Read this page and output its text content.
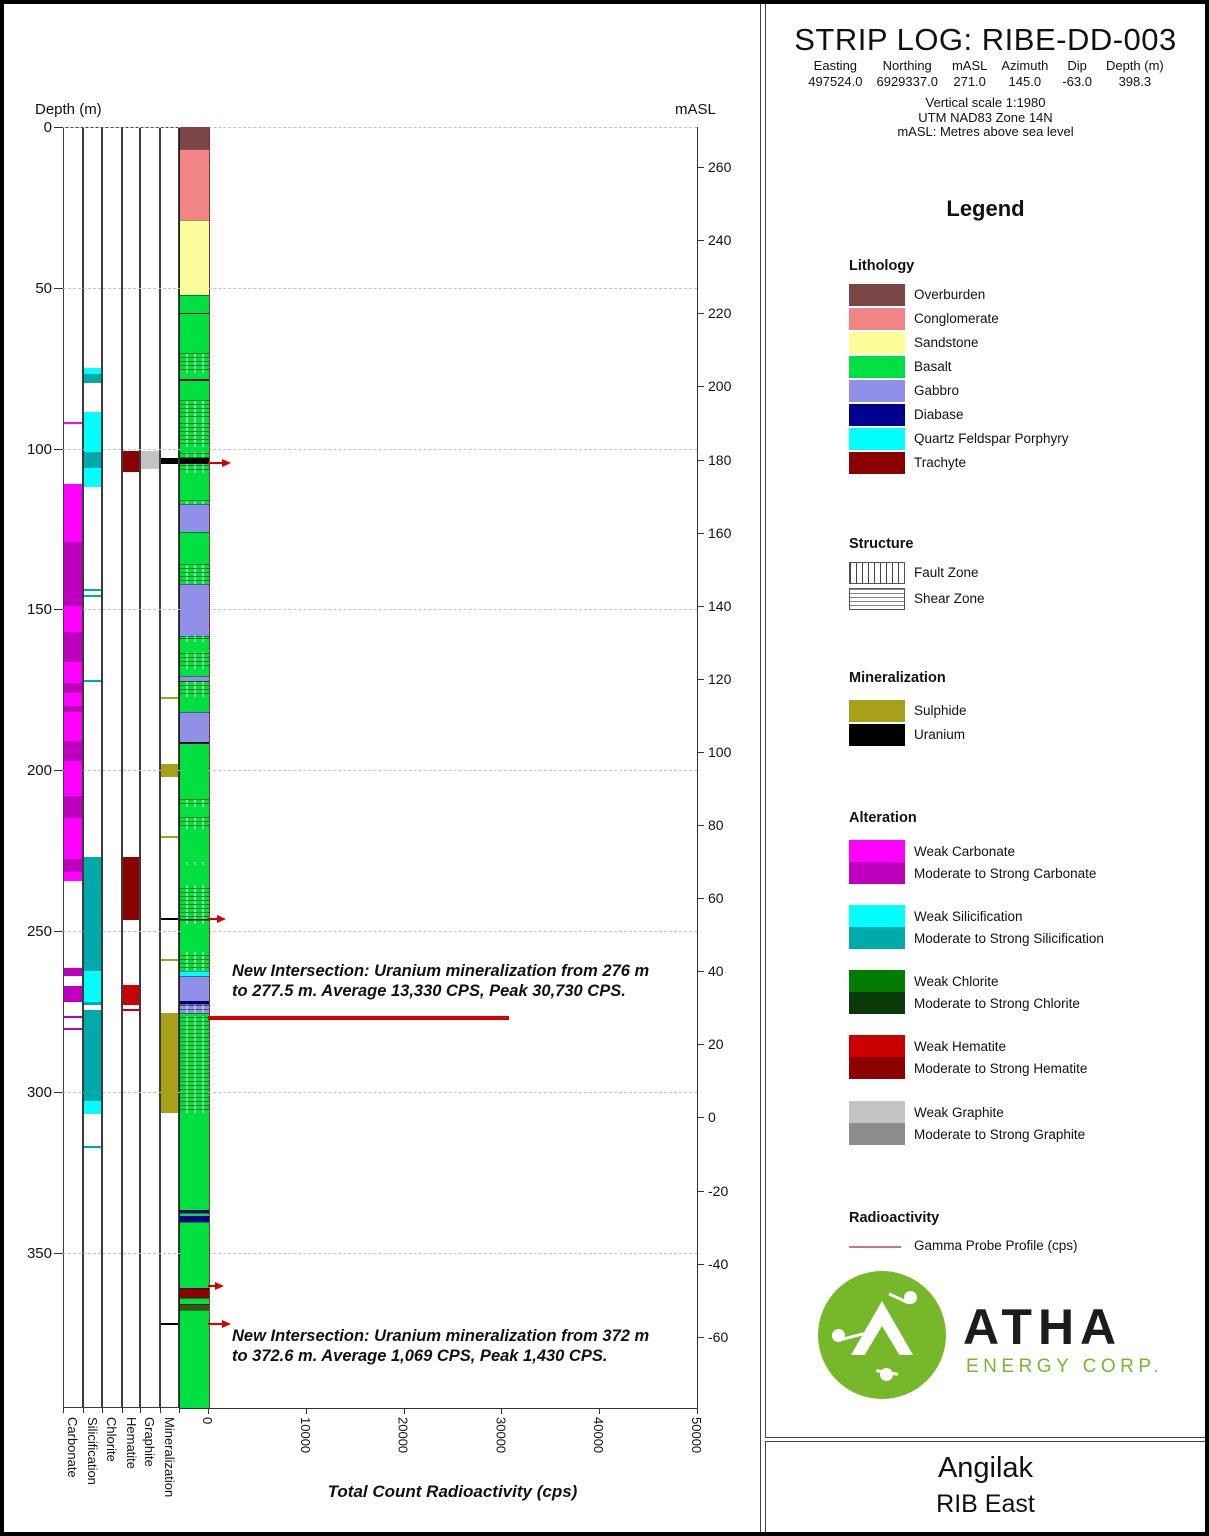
Depth (m)	mASL
Total Count Radioactivity (cps)
0
50
100
150
200
250
300
350
260
240
220
200
180
160
140
120
100
80
60
40
20
0
-20
-40
-60
0	10000	20000	30000	40000	50000
Carbonate Silicification Chlorite Hematite Graphite Mineralization
New Intersection: Uranium mineralization from 276 m
to 277.5 m. Average 13,330 CPS, Peak 30,730 CPS.
New Intersection: Uranium mineralization from 372 m
to 372.6 m. Average 1,069 CPS, Peak 1,430 CPS.
STRIP LOG: RIBE-DD-003
Easting
497524.0
Northing
6929337.0
mASL
271.0
Azimuth
145.0
Dip
-63.0
Depth (m)
398.3
Vertical scale 1:1980
UTM NAD83 Zone 14N
mASL: Metres above sea level
Legend
Lithology
Overburden
Conglomerate
Sandstone
Basalt
Gabbro
Diabase
Quartz Feldspar Porphyry
Trachyte
Structure
Fault Zone
Shear Zone
Mineralization
Sulphide
Uranium
Alteration
Weak Carbonate
Moderate to Strong Carbonate
Weak Silicification
Moderate to Strong Silicification
Weak Chlorite
Moderate to Strong Chlorite
Weak Hematite
Moderate to Strong Hematite
Weak Graphite
Moderate to Strong Graphite
Radioactivity
Gamma Probe Profile (cps)
ATHA
ENERGY CORP.
Angilak
RIB East
